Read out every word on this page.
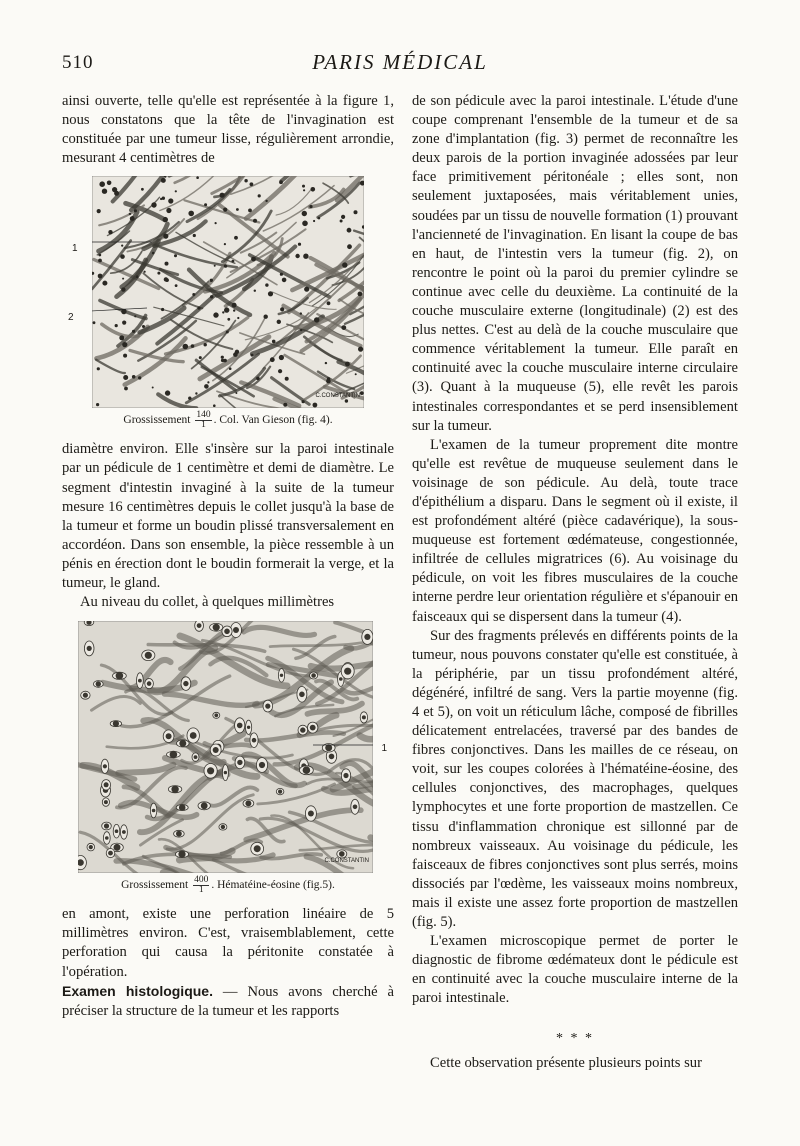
510	PARIS MÉDICAL

ainsi ouverte, telle qu'elle est représentée à la figure 1, nous constatons que la tête de l'invagination est constituée par une tumeur lisse, régulièrement arrondie, mesurant 4 centimètres de

1
2
C.CONSTANTIN
Grossissement $\frac{140}{1}$ . Col. Van Gieson (fig. 4).

diamètre environ. Elle s'insère sur la paroi intestinale par un pédicule de 1 centimètre et demi de diamètre. Le segment d'intestin invaginé à la suite de la tumeur mesure 16 centimètres depuis le collet jusqu'à la base de la tumeur et forme un boudin plissé transversalement en accordéon. Dans son ensemble, la pièce ressemble à un pénis en érection dont le boudin formerait la verge, et la tumeur, le gland.

Au niveau du collet, à quelques millimètres

1
C.CONSTANTIN
Grossissement $\frac{400}{1}$ . Hématéine-éosine (fig.5).

en amont, existe une perforation linéaire de 5 millimètres environ. C'est, vraisemblablement, cette perforation qui causa la péritonite constatée à l'opération.

Examen histologique. — Nous avons cherché à préciser la structure de la tumeur et les rapports

de son pédicule avec la paroi intestinale. L'étude d'une coupe comprenant l'ensemble de la tumeur et de sa zone d'implantation (fig. 3) permet de reconnaître les deux parois de la portion invaginée adossées par leur face primitivement péritonéale ; elles sont, non seulement juxtaposées, mais véritablement unies, soudées par un tissu de nouvelle formation (1) prouvant l'ancienneté de l'invagination. En lisant la coupe de bas en haut, de l'intestin vers la tumeur (fig. 2), on rencontre le point où la paroi du premier cylindre se continue avec celle du deuxième. La continuité de la couche musculaire externe (longitudinale) (2) est des plus nettes. C'est au delà de la couche musculaire que commence véritablement la tumeur. Elle paraît en continuité avec la couche musculaire interne circulaire (3). Quant à la muqueuse (5), elle revêt les parois intestinales correspondantes et se perd insensiblement sur la tumeur.

L'examen de la tumeur proprement dite montre qu'elle est revêtue de muqueuse seulement dans le voisinage de son pédicule. Au delà, toute trace d'épithélium a disparu. Dans le segment où il existe, il est profondément altéré (pièce cadavérique), la sous-muqueuse est fortement œdémateuse, congestionnée, infiltrée de cellules migratrices (6). Au voisinage du pédicule, on voit les fibres musculaires de la couche interne perdre leur orientation régulière et s'épanouir en faisceaux qui se dispersent dans la tumeur (4).

Sur des fragments prélevés en différents points de la tumeur, nous pouvons constater qu'elle est constituée, à la périphérie, par un tissu profondément altéré, dégénéré, infiltré de sang. Vers la partie moyenne (fig. 4 et 5), on voit un réticulum lâche, composé de fibrilles délicatement entrelacées, traversé par des bandes de fibres conjonctives. Dans les mailles de ce réseau, on voit, sur les coupes colorées à l'hématéine-éosine, des cellules conjonctives, des macrophages, quelques lymphocytes et une forte proportion de mastzellen. Ce tissu d'inflammation chronique est sillonné par de nombreux vaisseaux. Au voisinage du pédicule, les faisceaux de fibres conjonctives sont plus serrés, moins dissociés par l'œdème, les vaisseaux moins nombreux, mais il existe une assez forte proportion de mastzellen (fig. 5).

L'examen microscopique permet de porter le diagnostic de fibrome œdémateux dont le pédicule est en continuité avec la couche musculaire interne de la paroi intestinale.

* * *

Cette observation présente plusieurs points sur
